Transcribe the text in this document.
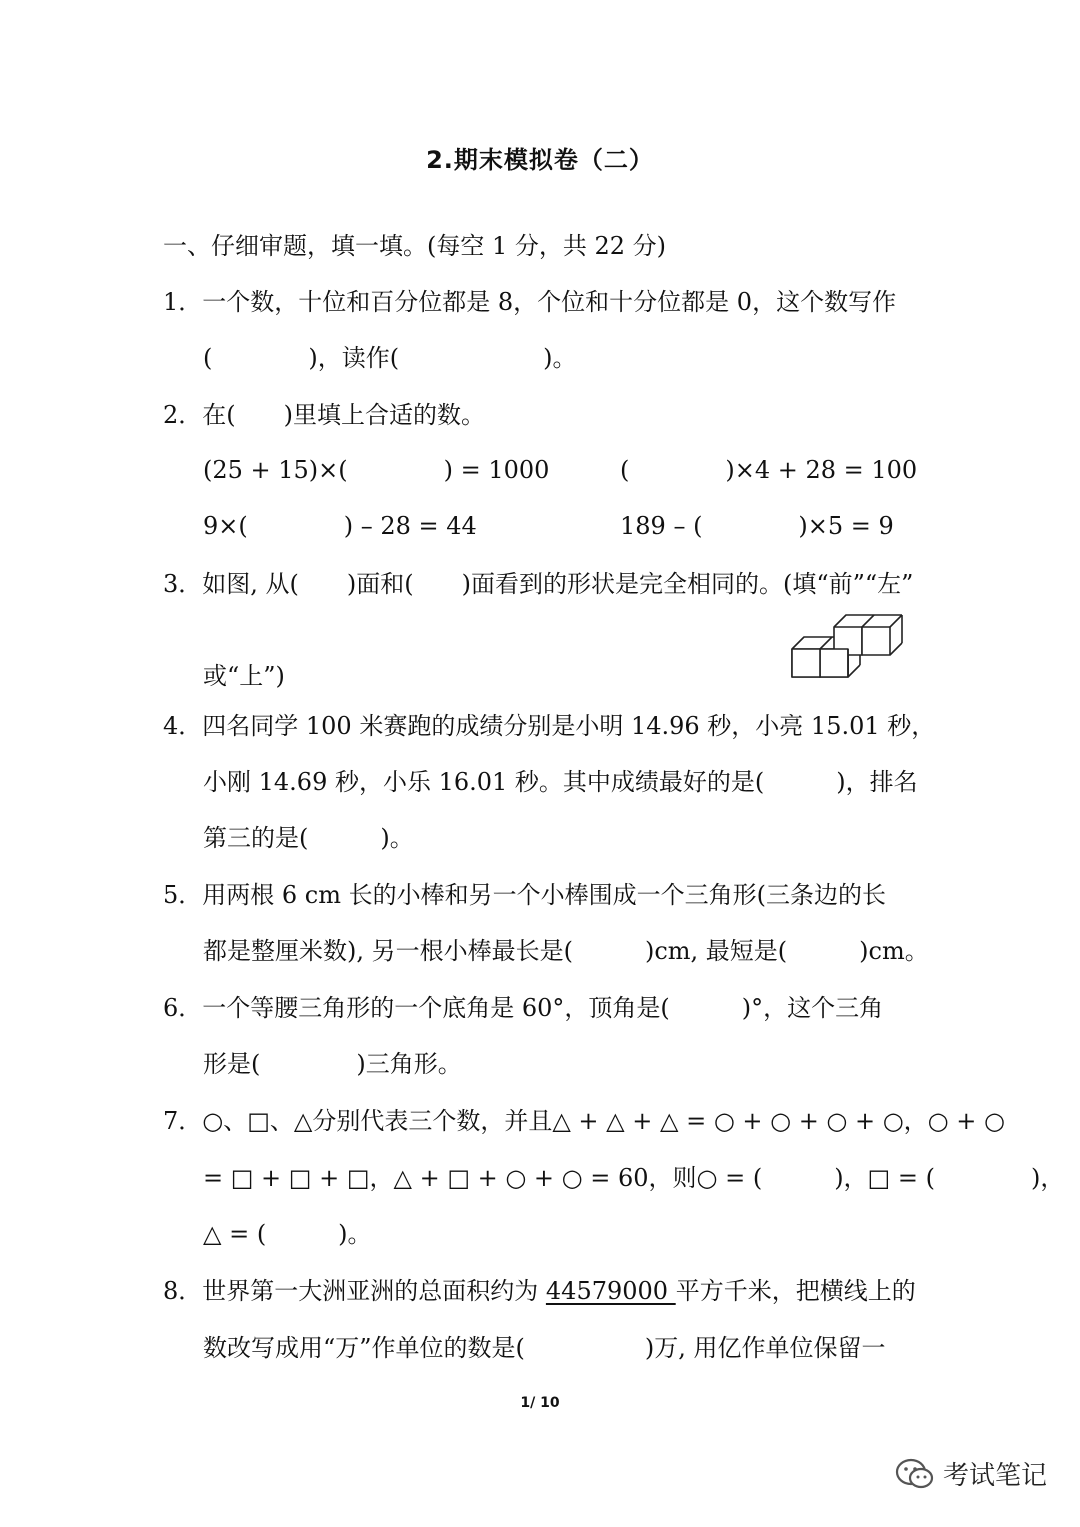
2.期末模拟卷（二）
一、仔细审题，填一填。(每空 1 分，共 22 分)
1．一个数，十位和百分位都是 8，个位和十分位都是 0，这个数写作
(　　　　)，读作(　　　　　　)。
2．在(　　)里填上合适的数。
(25 + 15)×(　　　　) = 1000	(　　　　)×4 + 28 = 100
9×(　　　　) – 28 = 44	189 – (　　　　)×5 = 9
3．如图, 从(　　)面和(　　)面看到的形状是完全相同的。(填“前”“左”
或“上”)
4．四名同学 100 米赛跑的成绩分别是小明 14.96 秒，小亮 15.01 秒，
小刚 14.69 秒，小乐 16.01 秒。其中成绩最好的是(　　　)，排名
第三的是(　　　)。
5．用两根 6 cm 长的小棒和另一个小棒围成一个三角形(三条边的长
都是整厘米数), 另一根小棒最长是(　　　)cm, 最短是(　　　)cm。
6．一个等腰三角形的一个底角是 60°，顶角是(　　　)°，这个三角
形是(　　　　)三角形。
7．○、□、△分别代表三个数，并且△ + △ + △ = ○ + ○ + ○ + ○，○ + ○
= □ + □ + □，△ + □ + ○ + ○ = 60，则○ = (　　　)，□ = (　　　　)，
△ = (　　　)。
8．世界第一大洲亚洲的总面积约为 44579000 平方千米，把横线上的
数改写成用“万”作单位的数是(　　　　　)万, 用亿作单位保留一
1/ 10
考试笔记
